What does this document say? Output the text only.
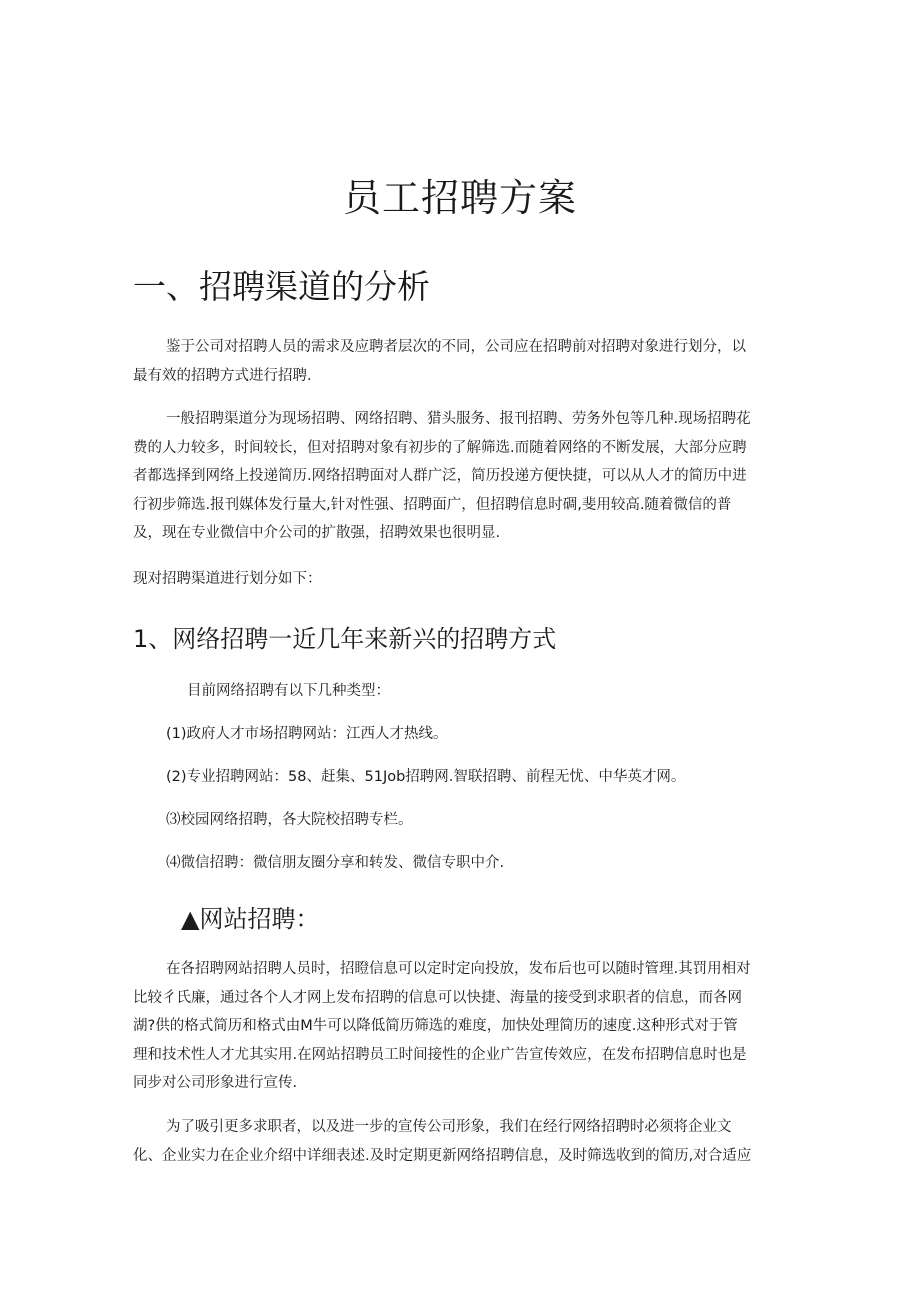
员工招聘方案
一、招聘渠道的分析

鉴于公司对招聘人员的需求及应聘者层次的不同，公司应在招聘前对招聘对象进行划分，以
最有效的招聘方式进行招聘.

一般招聘渠道分为现场招聘、网络招聘、猎头服务、报刊招聘、劳务外包等几种.现场招聘花
费的人力较多，时间较长，但对招聘对象有初步的了解筛选.而随着网络的不断发展，大部分应聘
者都选择到网络上投递简历.网络招聘面对人群广泛，简历投递方便快捷，可以从人才的简历中进
行初步筛选.报刊媒体发行量大,针对性强、招聘面广，但招聘信息时碉,斐用较高.随着微信的普
及，现在专业微信中介公司的扩散强，招聘效果也很明显.

现对招聘渠道进行划分如下：

1、网络招聘一近几年来新兴的招聘方式

目前网络招聘有以下几种类型：

(1)政府人才市场招聘网站：江西人才热线。

(2)专业招聘网站：58、赶集、51Job招聘网.智联招聘、前程无忧、中华英才网。

⑶校园网络招聘，各大院校招聘专栏。

⑷微信招聘：微信朋友圈分享和转发、微信专职中介.

▲网站招聘：

在各招聘网站招聘人员时，招瞪信息可以定时定向投放，发布后也可以随时管理.其罚用相对
比较彳氏廉，通过各个人才网上发布招聘的信息可以快捷、海量的接受到求职者的信息，而各网
湖?供的格式简历和格式由M牛可以降低简历筛选的难度，加快处理简历的速度.这种形式对于管
理和技术性人才尤其实用.在网站招聘员工时间接性的企业广告宣传效应，在发布招聘信息时也是
同步对公司形象进行宣传.

为了吸引更多求职者，以及进一步的宣传公司形象，我们在经行网络招聘时必须将企业文
化、企业实力在企业介绍中详细表述.及时定期更新网络招聘信息，及时筛选收到的简历,对合适应
